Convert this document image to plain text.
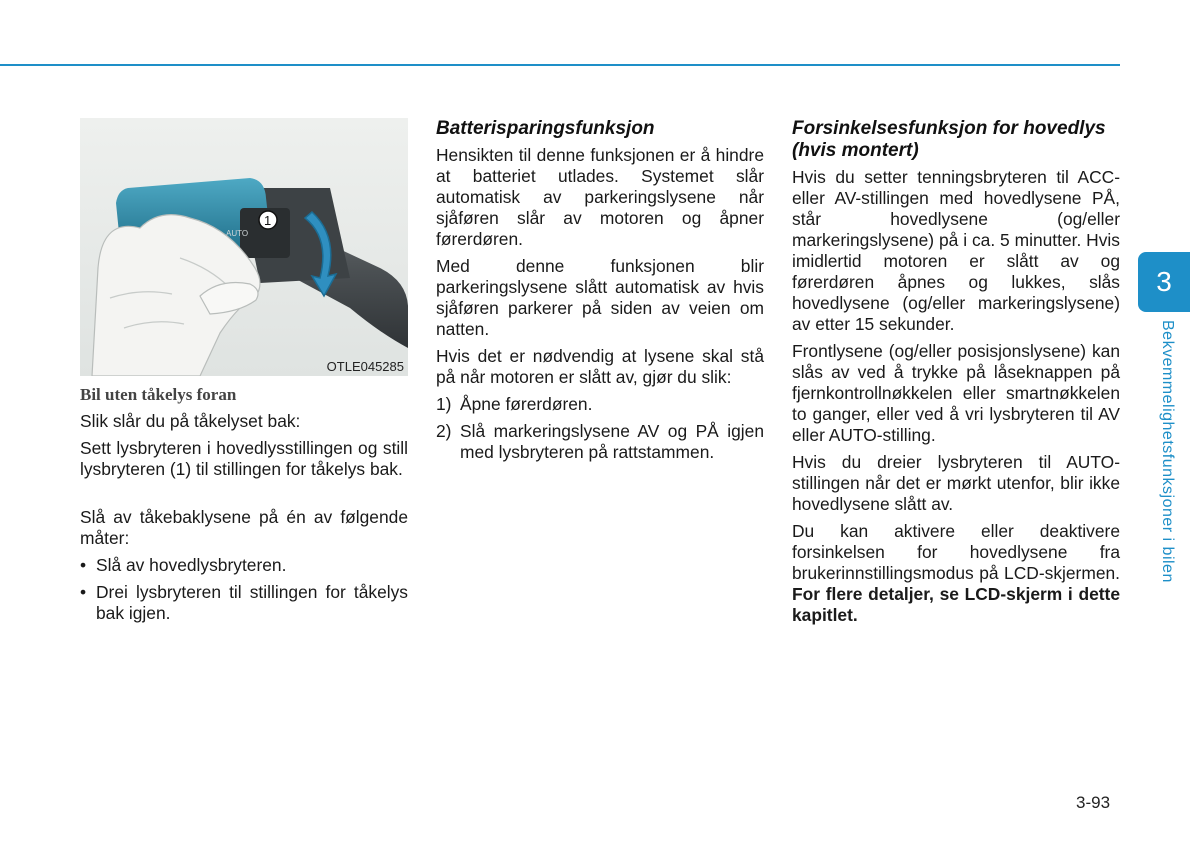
1
AUTO
OTLE045285
Bil uten tåkelys foran

Slik slår du på tåkelyset bak:

Sett lysbryteren i hovedlysstillingen og still lysbryteren (1) til stillingen for tåkelys bak.

Slå av tåkebaklysene på én av følgende måter:

• Slå av hovedlysbryteren.
• Drei lysbryteren til stillingen for tåkelys bak igjen.
Batterisparingsfunksjon

Hensikten til denne funksjonen er å hindre at batteriet utlades. Systemet slår automatisk av parkeringslysene når sjåføren slår av motoren og åpner førerdøren.

Med denne funksjonen blir parkeringslysene slått automatisk av hvis sjåføren parkerer på siden av veien om natten.

Hvis det er nødvendig at lysene skal stå på når motoren er slått av, gjør du slik:

1) Åpne førerdøren.
2) Slå markeringslysene AV og PÅ igjen med lysbryteren på rattstammen.
Forsinkelsesfunksjon for hovedlys (hvis montert)

Hvis du setter tenningsbryteren til ACC- eller AV-stillingen med hovedlysene PÅ, står hovedlysene (og/eller markeringslysene) på i ca. 5 minutter. Hvis imidlertid motoren er slått av og førerdøren åpnes og lukkes, slås hovedlysene (og/eller markeringslysene) av etter 15 sekunder.

Frontlysene (og/eller posisjonslysene) kan slås av ved å trykke på låseknappen på fjernkontrollnøkkelen eller smartnøkkelen to ganger, eller ved å vri lysbryteren til AV eller AUTO-stilling.

Hvis du dreier lysbryteren til AUTO-stillingen når det er mørkt utenfor, blir ikke hovedlysene slått av.

Du kan aktivere eller deaktivere forsinkelsen for hovedlysene fra brukerinnstillingsmodus på LCD-skjermen. For flere detaljer, se LCD-skjerm i dette kapitlet.

3
Bekvemmelighetsfunksjoner i bilen
3-93
